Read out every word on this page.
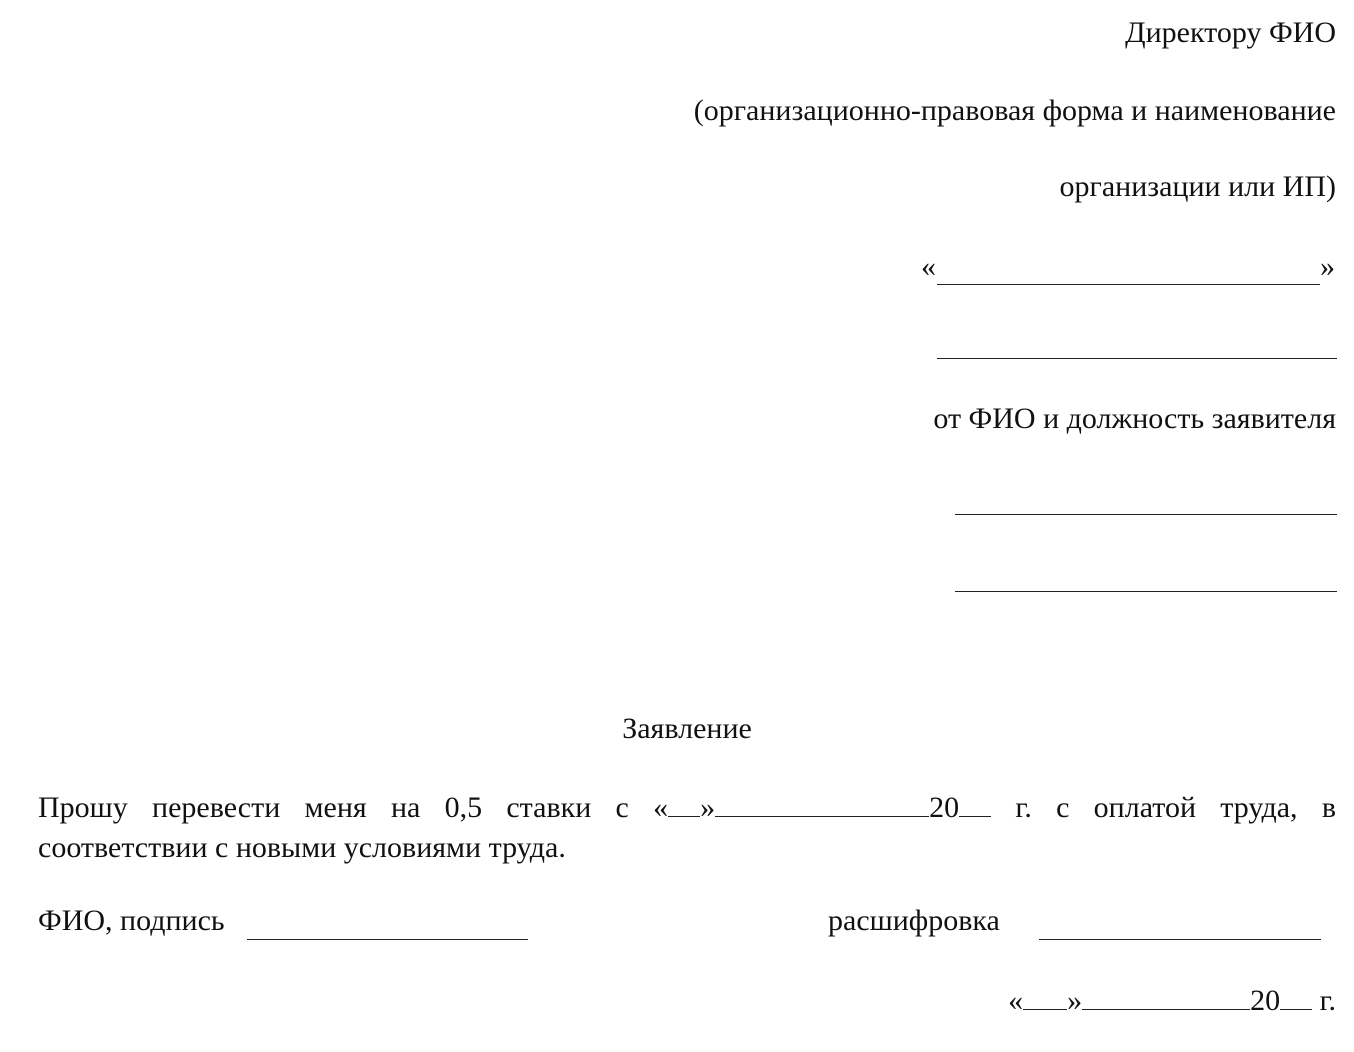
Директору ФИО
(организационно-правовая форма и наименование
организации или ИП)
«	»
от ФИО и должность заявителя
Заявление
Прошу перевести меня на 0,5 ставки с « »	20 г. с оплатой труда, в
соответствии с новыми условиями труда.
ФИО, подпись	расшифровка
« »	20 г.
